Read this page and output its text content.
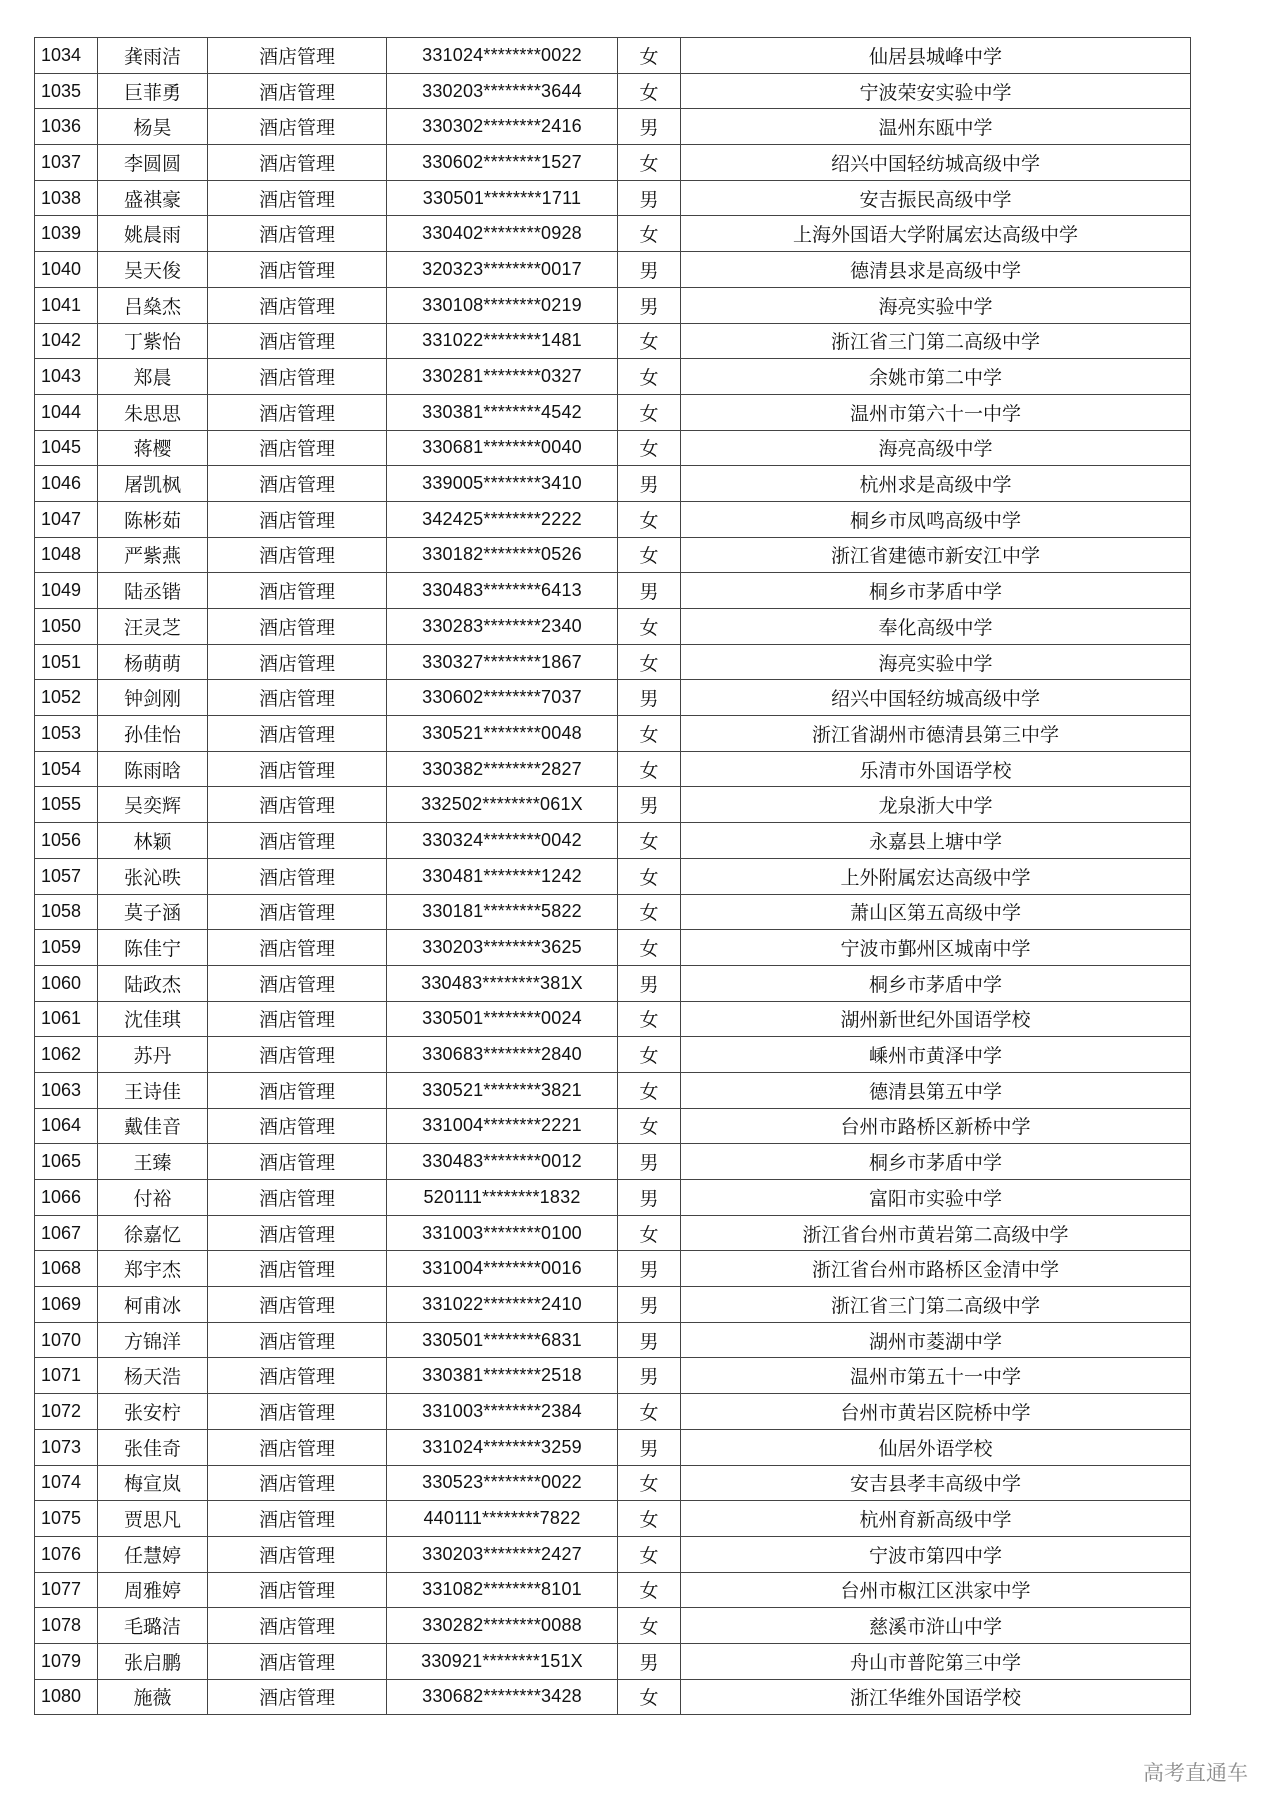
1034	龚雨洁	酒店管理	331024********0022	女	仙居县城峰中学
1035	巨菲勇	酒店管理	330203********3644	女	宁波荣安实验中学
1036	杨昊	酒店管理	330302********2416	男	温州东瓯中学
1037	李圆圆	酒店管理	330602********1527	女	绍兴中国轻纺城高级中学
1038	盛祺豪	酒店管理	330501********1711	男	安吉振民高级中学
1039	姚晨雨	酒店管理	330402********0928	女	上海外国语大学附属宏达高级中学
1040	吴天俊	酒店管理	320323********0017	男	德清县求是高级中学
1041	吕燊杰	酒店管理	330108********0219	男	海亮实验中学
1042	丁紫怡	酒店管理	331022********1481	女	浙江省三门第二高级中学
1043	郑晨	酒店管理	330281********0327	女	余姚市第二中学
1044	朱思思	酒店管理	330381********4542	女	温州市第六十一中学
1045	蒋樱	酒店管理	330681********0040	女	海亮高级中学
1046	屠凯枫	酒店管理	339005********3410	男	杭州求是高级中学
1047	陈彬茹	酒店管理	342425********2222	女	桐乡市凤鸣高级中学
1048	严紫燕	酒店管理	330182********0526	女	浙江省建德市新安江中学
1049	陆丞锴	酒店管理	330483********6413	男	桐乡市茅盾中学
1050	汪灵芝	酒店管理	330283********2340	女	奉化高级中学
1051	杨萌萌	酒店管理	330327********1867	女	海亮实验中学
1052	钟剑刚	酒店管理	330602********7037	男	绍兴中国轻纺城高级中学
1053	孙佳怡	酒店管理	330521********0048	女	浙江省湖州市德清县第三中学
1054	陈雨晗	酒店管理	330382********2827	女	乐清市外国语学校
1055	吴奕辉	酒店管理	332502********061X	男	龙泉浙大中学
1056	林颖	酒店管理	330324********0042	女	永嘉县上塘中学
1057	张沁昳	酒店管理	330481********1242	女	上外附属宏达高级中学
1058	莫子涵	酒店管理	330181********5822	女	萧山区第五高级中学
1059	陈佳宁	酒店管理	330203********3625	女	宁波市鄞州区城南中学
1060	陆政杰	酒店管理	330483********381X	男	桐乡市茅盾中学
1061	沈佳琪	酒店管理	330501********0024	女	湖州新世纪外国语学校
1062	苏丹	酒店管理	330683********2840	女	嵊州市黄泽中学
1063	王诗佳	酒店管理	330521********3821	女	德清县第五中学
1064	戴佳音	酒店管理	331004********2221	女	台州市路桥区新桥中学
1065	王臻	酒店管理	330483********0012	男	桐乡市茅盾中学
1066	付裕	酒店管理	520111********1832	男	富阳市实验中学
1067	徐嘉忆	酒店管理	331003********0100	女	浙江省台州市黄岩第二高级中学
1068	郑宇杰	酒店管理	331004********0016	男	浙江省台州市路桥区金清中学
1069	柯甫冰	酒店管理	331022********2410	男	浙江省三门第二高级中学
1070	方锦洋	酒店管理	330501********6831	男	湖州市菱湖中学
1071	杨天浩	酒店管理	330381********2518	男	温州市第五十一中学
1072	张安柠	酒店管理	331003********2384	女	台州市黄岩区院桥中学
1073	张佳奇	酒店管理	331024********3259	男	仙居外语学校
1074	梅宣岚	酒店管理	330523********0022	女	安吉县孝丰高级中学
1075	贾思凡	酒店管理	440111********7822	女	杭州育新高级中学
1076	任慧婷	酒店管理	330203********2427	女	宁波市第四中学
1077	周雅婷	酒店管理	331082********8101	女	台州市椒江区洪家中学
1078	毛璐洁	酒店管理	330282********0088	女	慈溪市浒山中学
1079	张启鹏	酒店管理	330921********151X	男	舟山市普陀第三中学
1080	施薇	酒店管理	330682********3428	女	浙江华维外国语学校
高考直通车
